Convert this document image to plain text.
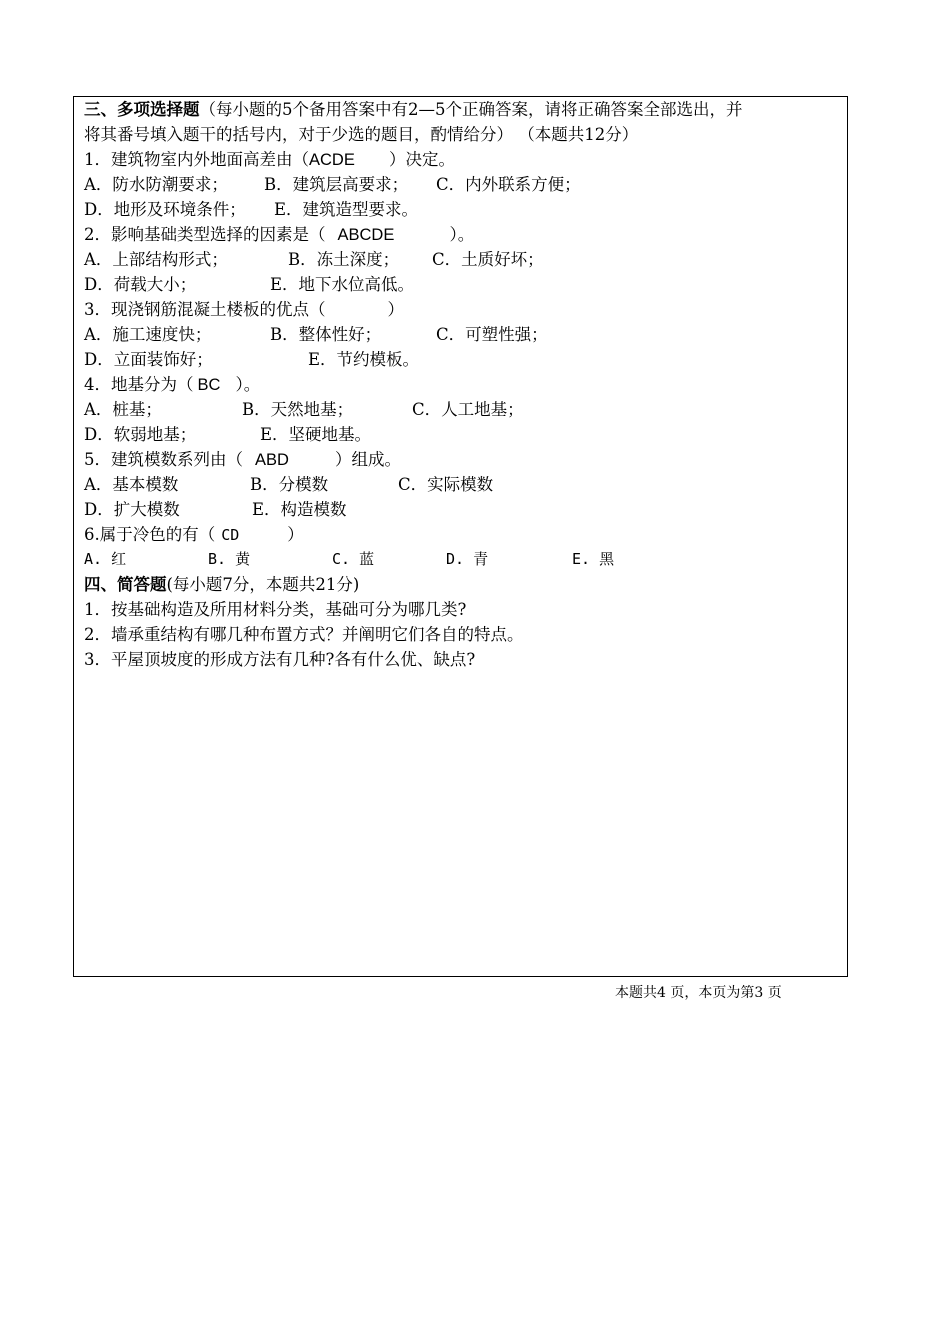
三、多项选择题（每小题的5个备用答案中有2—5个正确答案，请将正确答案全部选出，并
将其番号填入题干的括号内，对于少选的题目，酌情给分） （本题共12分）
1．建筑物室内外地面高差由（ACDE ）决定。
A．防水防潮要求； B．建筑层高要求； C．内外联系方便；
D．地形及环境条件； E．建筑造型要求。
2．影响基础类型选择的因素是（ ABCDE	）。
A．上部结构形式；	B．冻土深度； C．土质好坏；
D．荷载大小；	E．地下水位高低。
3．现浇钢筋混凝土楼板的优点（	）
A．施工速度快；	B．整体性好；	C．可塑性强；
D．立面装饰好；	E．节约模板。
4．地基分为（ BC ）。
A．桩基；	B．天然地基；	C．人工地基；
D．软弱地基；	E．坚硬地基。
5．建筑模数系列由（ ABD	）组成。
A．基本模数	B．分模数	C．实际模数
D．扩大模数	E．构造模数
6.属于冷色的有（ CD	）
A. 红	B. 黄	C. 蓝	D. 青	E. 黑
四、简答题(每小题7分，本题共21分)
1．按基础构造及所用材料分类，基础可分为哪几类?
2．墙承重结构有哪几种布置方式？并阐明它们各自的特点。
3．平屋顶坡度的形成方法有几种?各有什么优、缺点?
本题共4 页，本页为第3 页
